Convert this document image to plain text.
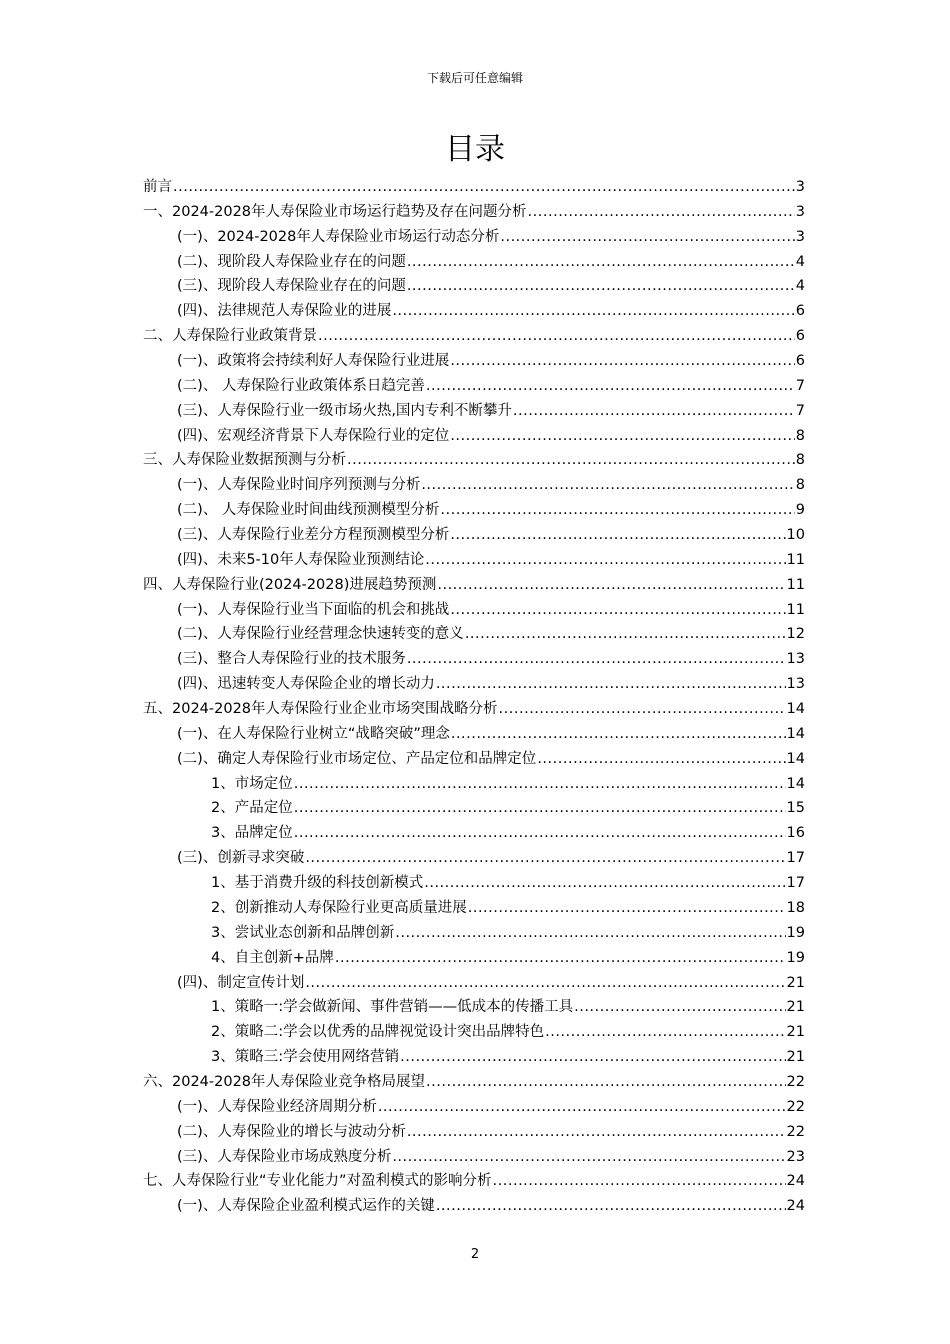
下载后可任意编辑
目录
前言 .....	3
一、2024-2028年人寿保险业市场运行趋势及存在问题分析 .....	3
(一)、2024-2028年人寿保险业市场运行动态分析 .....	3
(二)、现阶段人寿保险业存在的问题 .....	4
(三)、现阶段人寿保险业存在的问题 .....	4
(四)、法律规范人寿保险业的进展 .....	6
二、人寿保险行业政策背景 .....	6
(一)、政策将会持续利好人寿保险行业进展 .....	6
(二)、 人寿保险行业政策体系日趋完善 .....	7
(三)、人寿保险行业一级市场火热,国内专利不断攀升 .....	7
(四)、宏观经济背景下人寿保险行业的定位 .....	8
三、人寿保险业数据预测与分析 .....	8
(一)、人寿保险业时间序列预测与分析 .....	8
(二)、 人寿保险业时间曲线预测模型分析 .....	9
(三)、人寿保险行业差分方程预测模型分析 .....	10
(四)、未来5-10年人寿保险业预测结论 .....	11
四、人寿保险行业(2024-2028)进展趋势预测 .....	11
(一)、人寿保险行业当下面临的机会和挑战 .....	11
(二)、人寿保险行业经营理念快速转变的意义 .....	12
(三)、整合人寿保险行业的技术服务 .....	13
(四)、迅速转变人寿保险企业的增长动力 .....	13
五、2024-2028年人寿保险行业企业市场突围战略分析 .....	14
(一)、在人寿保险行业树立“战略突破”理念 .....	14
(二)、确定人寿保险行业市场定位、产品定位和品牌定位 .....	14
1、市场定位 .....	14
2、产品定位 .....	15
3、品牌定位 .....	16
(三)、创新寻求突破 .....	17
1、基于消费升级的科技创新模式 .....	17
2、创新推动人寿保险行业更高质量进展 .....	18
3、尝试业态创新和品牌创新 .....	19
4、自主创新+品牌 .....	19
(四)、制定宣传计划 .....	21
1、策略一:学会做新闻、事件营销——低成本的传播工具 .....	21
2、策略二:学会以优秀的品牌视觉设计突出品牌特色 .....	21
3、策略三:学会使用网络营销 .....	21
六、2024-2028年人寿保险业竞争格局展望 .....	22
(一)、人寿保险业经济周期分析 .....	22
(二)、人寿保险业的增长与波动分析 .....	22
(三)、人寿保险业市场成熟度分析 .....	23
七、人寿保险行业“专业化能力”对盈利模式的影响分析 .....	24
(一)、人寿保险企业盈利模式运作的关键 .....	24
2
